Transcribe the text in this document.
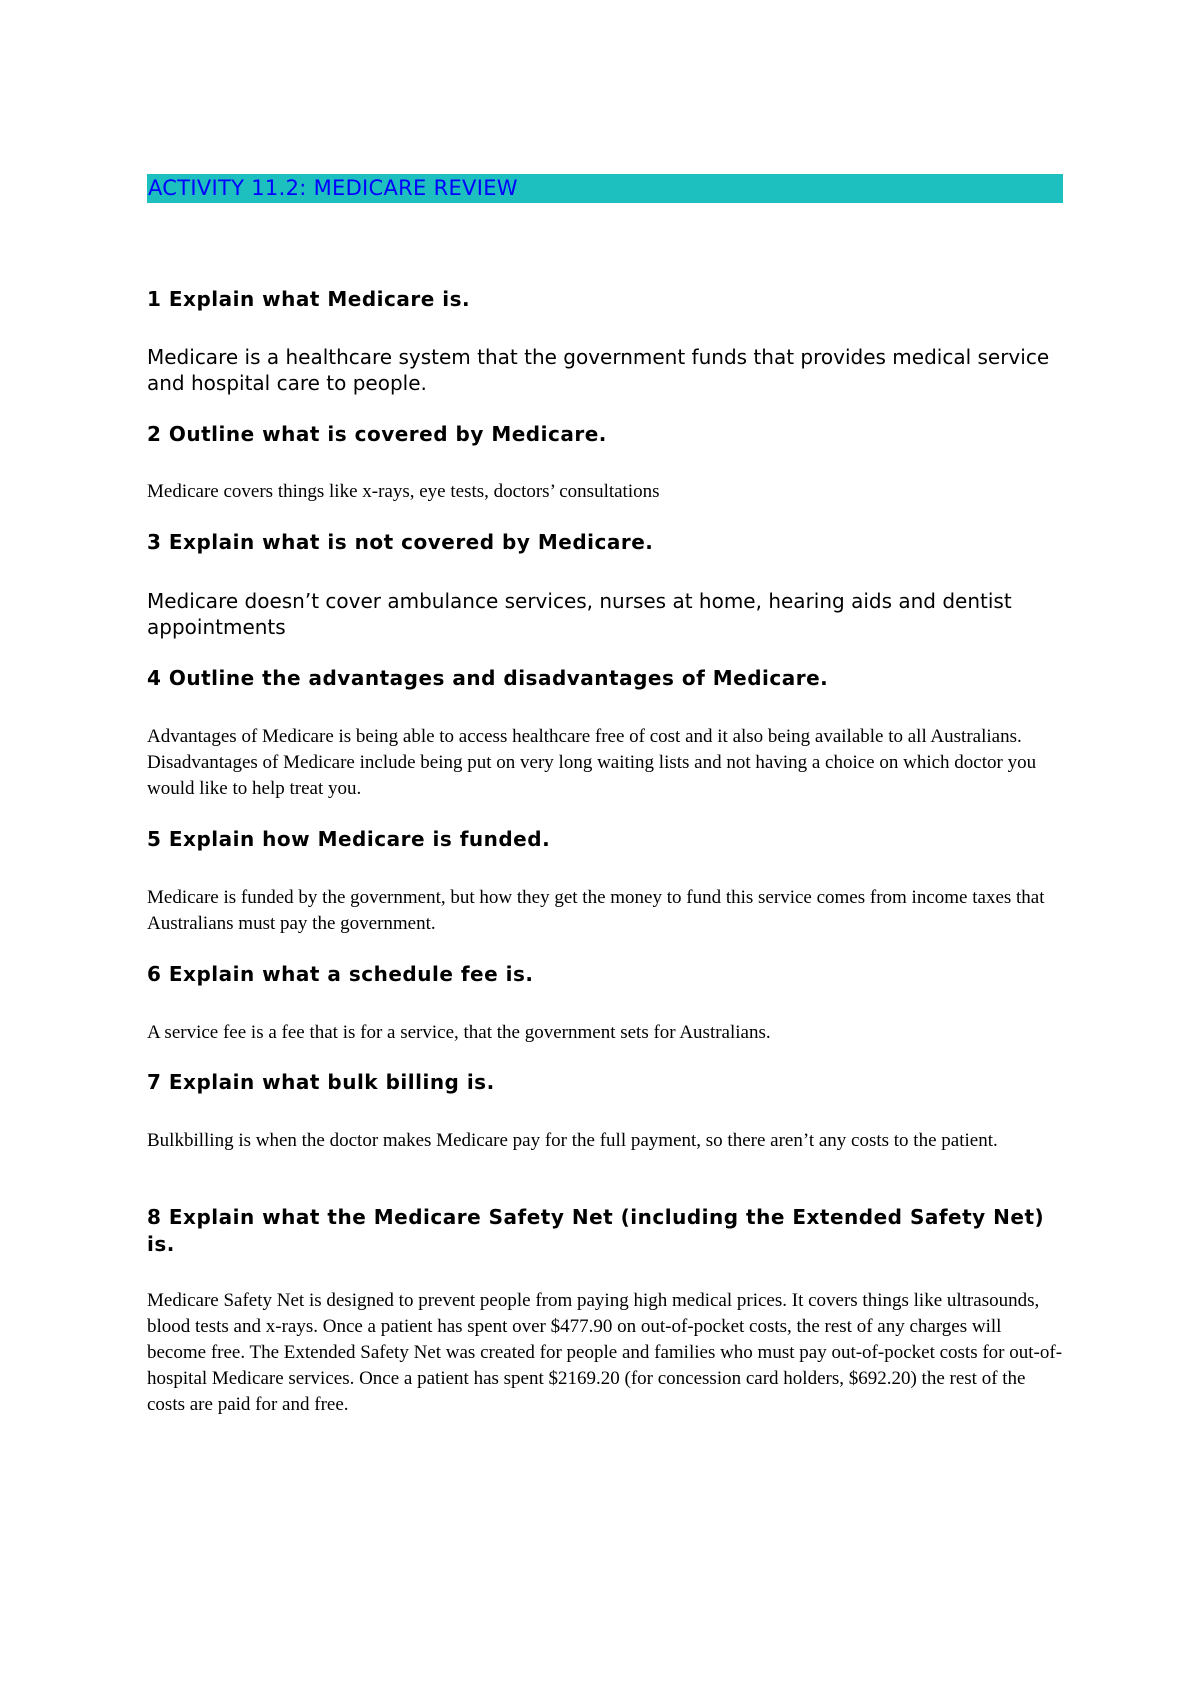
ACTIVITY 11.2: MEDICARE REVIEW

1 Explain what Medicare is.

Medicare is a healthcare system that the government funds that provides medical service and hospital care to people.

2 Outline what is covered by Medicare.

Medicare covers things like x-rays, eye tests, doctors’ consultations

3 Explain what is not covered by Medicare.

Medicare doesn’t cover ambulance services, nurses at home, hearing aids and dentist appointments

4 Outline the advantages and disadvantages of Medicare.

Advantages of Medicare is being able to access healthcare free of cost and it also being available to all Australians. Disadvantages of Medicare include being put on very long waiting lists and not having a choice on which doctor you would like to help treat you.

5 Explain how Medicare is funded.

Medicare is funded by the government, but how they get the money to fund this service comes from income taxes that Australians must pay the government.

6 Explain what a schedule fee is.

A service fee is a fee that is for a service, that the government sets for Australians.

7 Explain what bulk billing is.

Bulkbilling is when the doctor makes Medicare pay for the full payment, so there aren’t any costs to the patient.

8 Explain what the Medicare Safety Net (including the Extended Safety Net) is.

Medicare Safety Net is designed to prevent people from paying high medical prices. It covers things like ultrasounds, blood tests and x-rays. Once a patient has spent over $477.90 on out-of-pocket costs, the rest of any charges will become free. The Extended Safety Net was created for people and families who must pay out-of-pocket costs for out-of-hospital Medicare services. Once a patient has spent $2169.20 (for concession card holders, $692.20) the rest of the costs are paid for and free.
